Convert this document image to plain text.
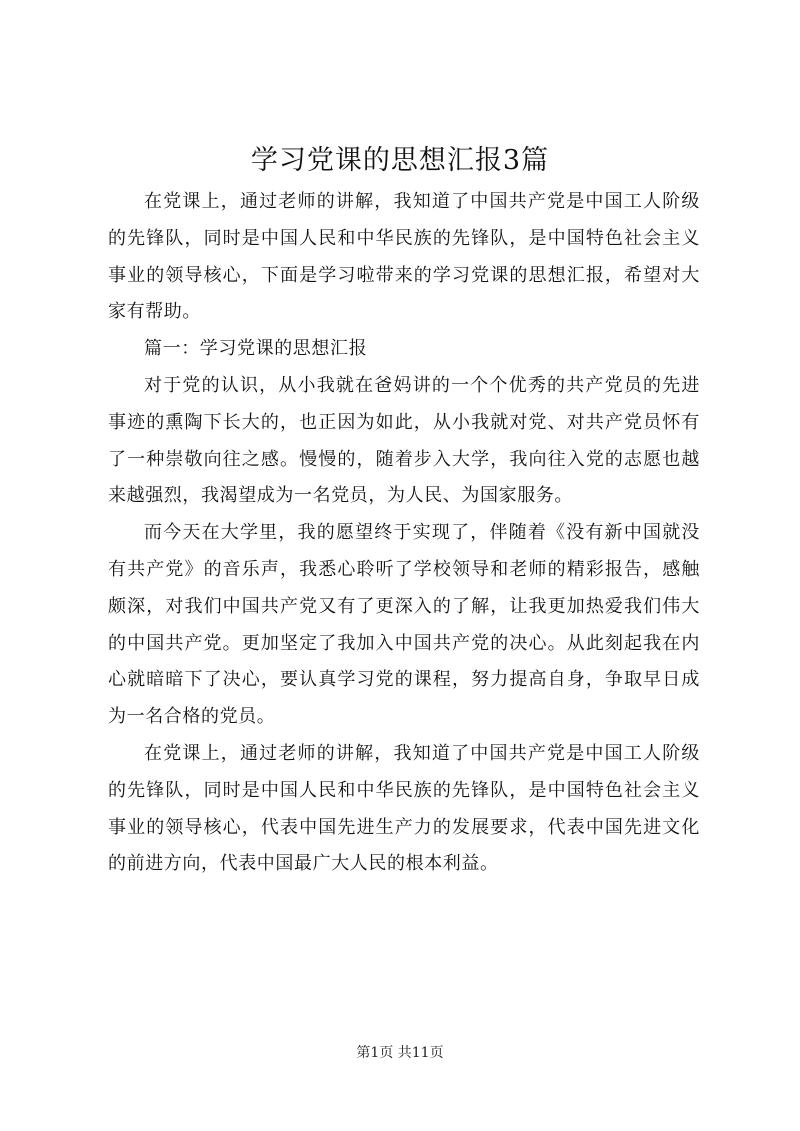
学习党课的思想汇报3篇

在党课上，通过老师的讲解，我知道了中国共产党是中国工人阶级的先锋队，同时是中国人民和中华民族的先锋队，是中国特色社会主义事业的领导核心，下面是学习啦带来的学习党课的思想汇报，希望对大家有帮助。

篇一：学习党课的思想汇报

对于党的认识，从小我就在爸妈讲的一个个优秀的共产党员的先进事迹的熏陶下长大的，也正因为如此，从小我就对党、对共产党员怀有了一种崇敬向往之感。慢慢的，随着步入大学，我向往入党的志愿也越来越强烈，我渴望成为一名党员，为人民、为国家服务。

而今天在大学里，我的愿望终于实现了，伴随着《没有新中国就没有共产党》的音乐声，我悉心聆听了学校领导和老师的精彩报告，感触颇深，对我们中国共产党又有了更深入的了解，让我更加热爱我们伟大的中国共产党。更加坚定了我加入中国共产党的决心。从此刻起我在内心就暗暗下了决心，要认真学习党的课程，努力提高自身，争取早日成为一名合格的党员。

在党课上，通过老师的讲解，我知道了中国共产党是中国工人阶级的先锋队，同时是中国人民和中华民族的先锋队，是中国特色社会主义事业的领导核心，代表中国先进生产力的发展要求，代表中国先进文化的前进方向，代表中国最广大人民的根本利益。

第1页 共11页
